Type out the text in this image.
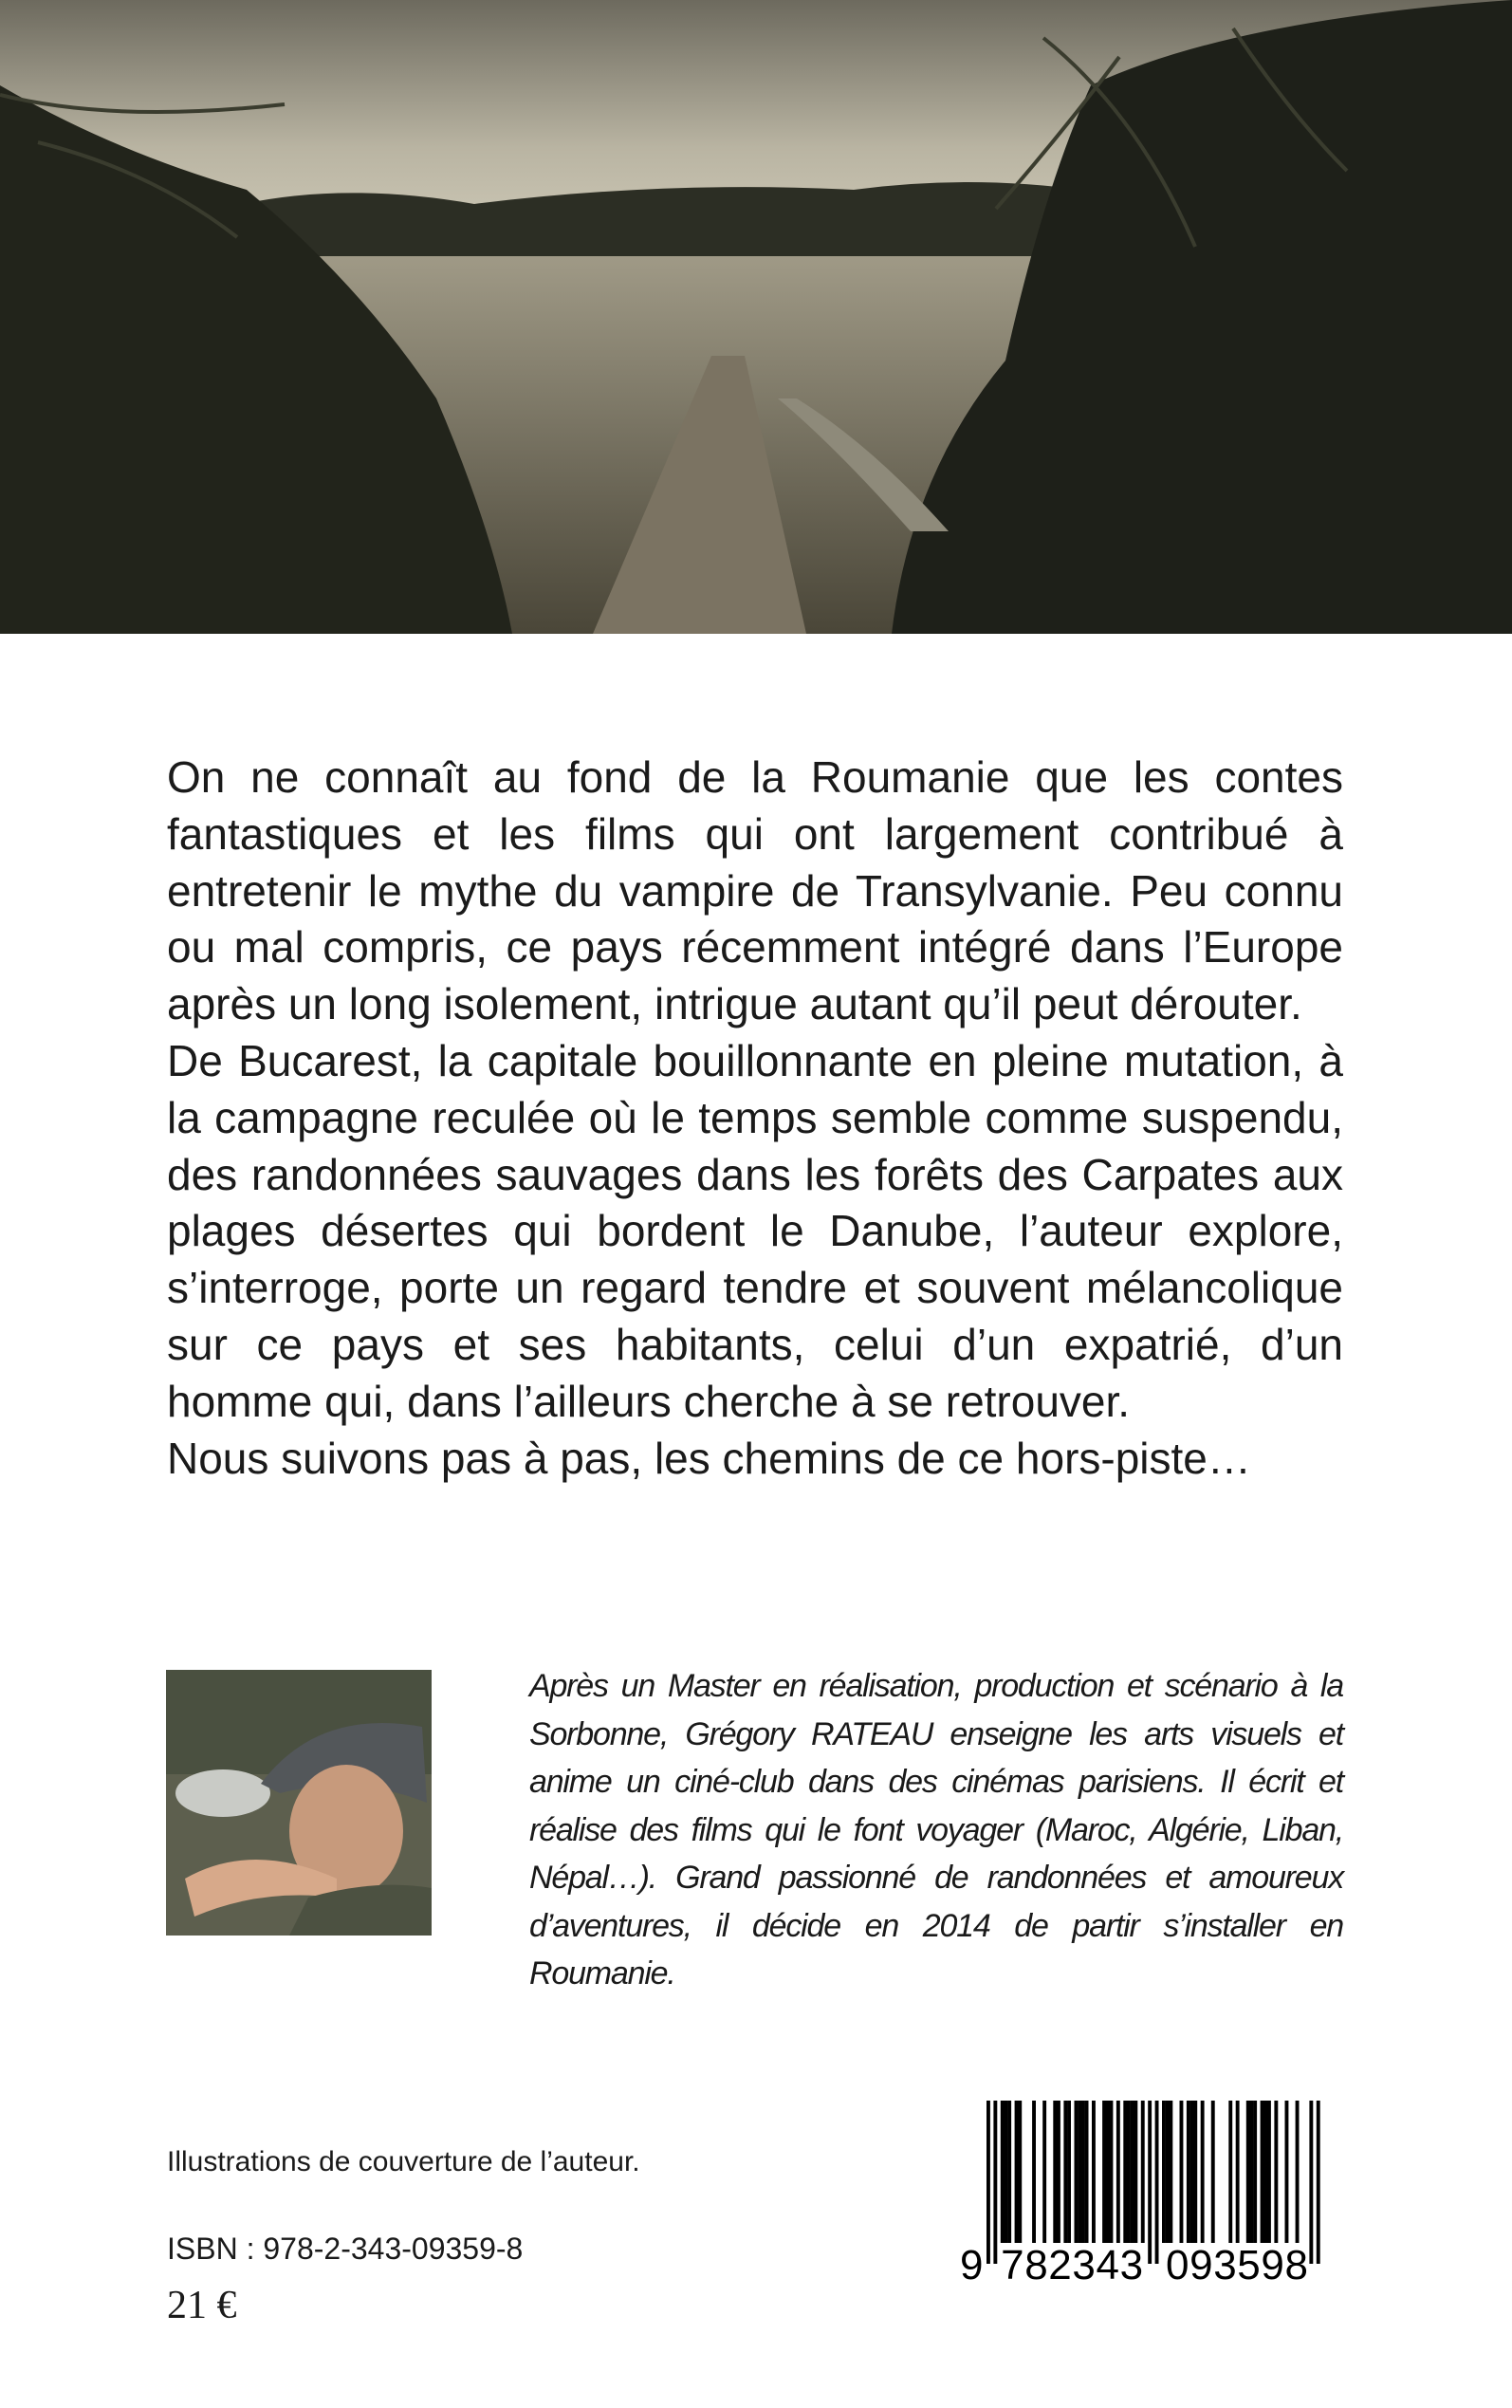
On ne connaît au fond de la Roumanie que les contes fantastiques et les films qui ont largement contribué à entretenir le mythe du vampire de Transylvanie. Peu connu ou mal compris, ce pays récemment intégré dans l’Europe après un long isolement, intrigue autant qu’il peut dérouter.

De Bucarest, la capitale bouillonnante en pleine mutation, à la campagne reculée où le temps semble comme suspendu, des randonnées sauvages dans les forêts des Carpates aux plages désertes qui bordent le Danube, l’auteur explore, s’interroge, porte un regard tendre et souvent mélancolique sur ce pays et ses habitants, celui d’un expatrié, d’un homme qui, dans l’ailleurs cherche à se retrouver.

Nous suivons pas à pas, les chemins de ce hors-piste…

Après un Master en réalisation, production et scénario à la Sorbonne, Grégory RATEAU enseigne les arts visuels et anime un ciné-club dans des cinémas parisiens. Il écrit et réalise des films qui le font voyager (Maroc, Algérie, Liban, Népal…). Grand passionné de randonnées et amoureux d’aventures, il décide en 2014 de partir s’installer en Roumanie.
Illustrations de couverture de l’auteur.
ISBN : 978-2-343-09359-8
21 €
9 782343 093598
